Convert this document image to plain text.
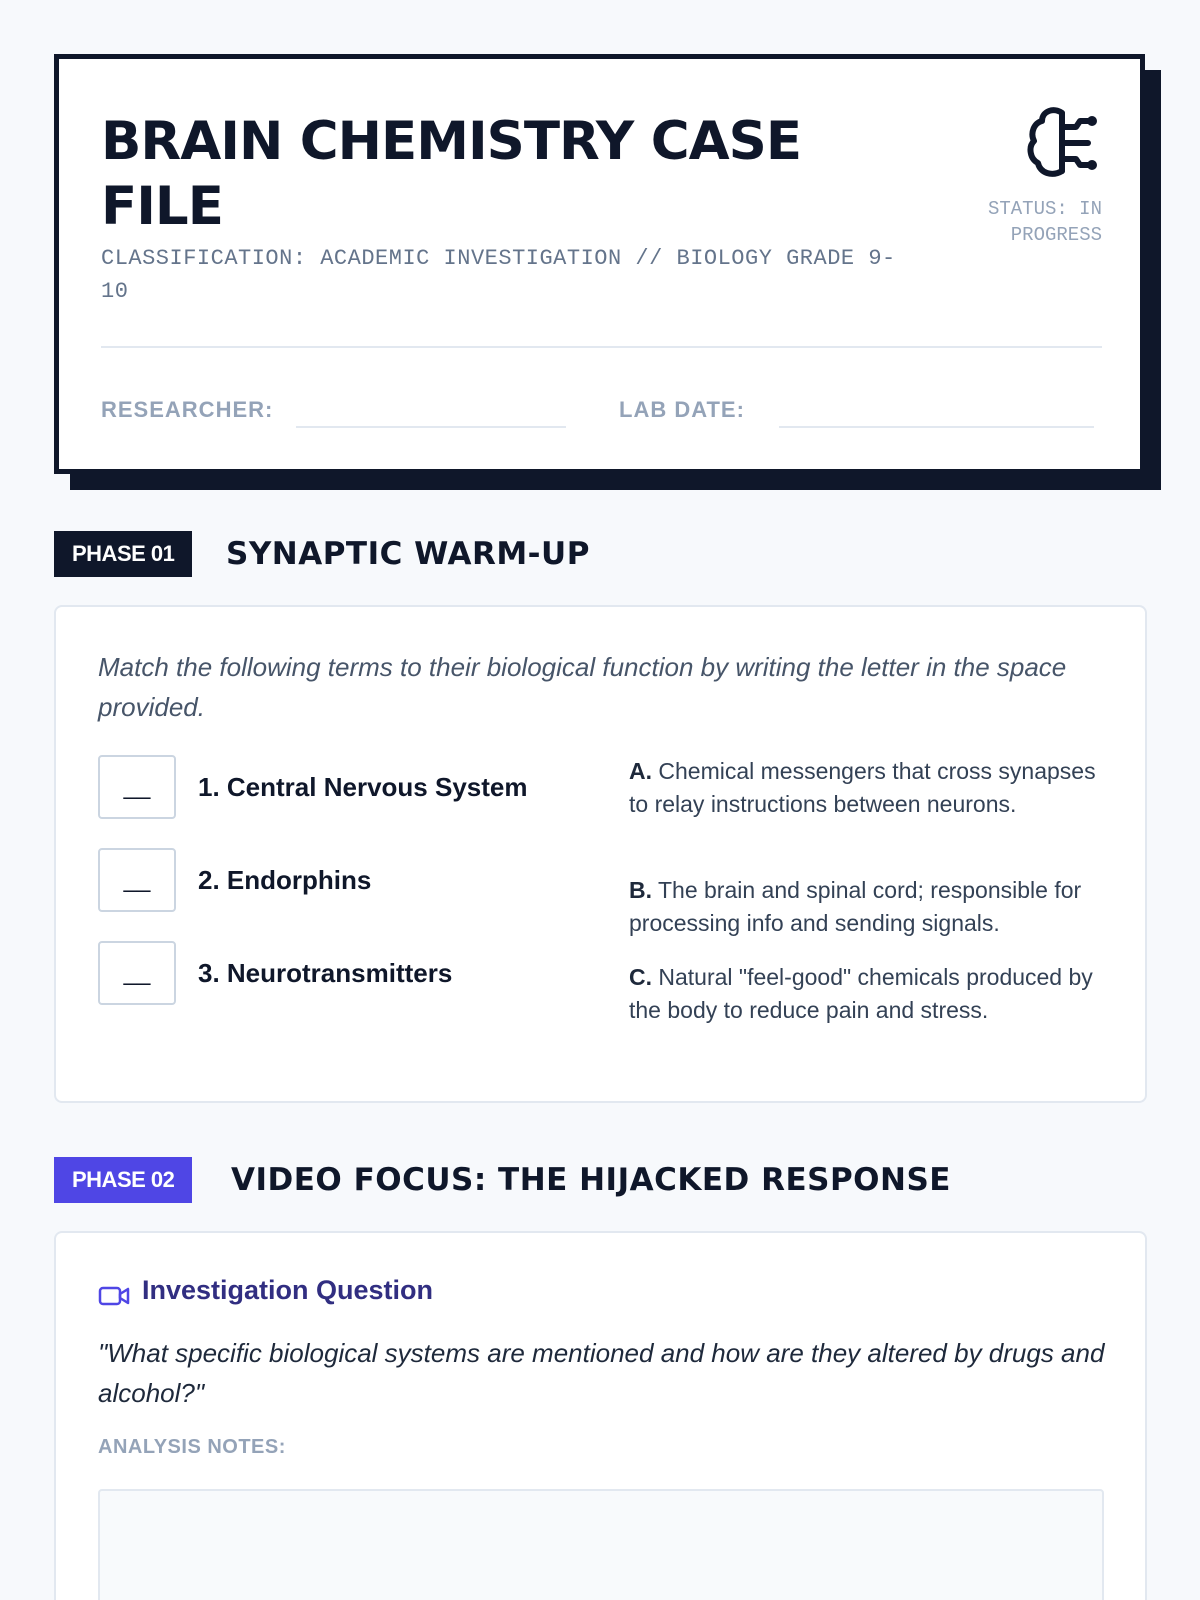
BRAIN CHEMISTRY CASE FILE
CLASSIFICATION: ACADEMIC INVESTIGATION // BIOLOGY GRADE 9-10
STATUS: IN PROGRESS
RESEARCHER:	LAB DATE:
PHASE 01	SYNAPTIC WARM-UP
Match the following terms to their biological function by writing the letter in the space provided.
__	1. Central Nervous System
__	2. Endorphins
__	3. Neurotransmitters
A. Chemical messengers that cross synapses to relay instructions between neurons.
B. The brain and spinal cord; responsible for processing info and sending signals.
C. Natural "feel-good" chemicals produced by the body to reduce pain and stress.
PHASE 02	VIDEO FOCUS: THE HIJACKED RESPONSE
Investigation Question
"What specific biological systems are mentioned and how are they altered by drugs and alcohol?"
ANALYSIS NOTES:
